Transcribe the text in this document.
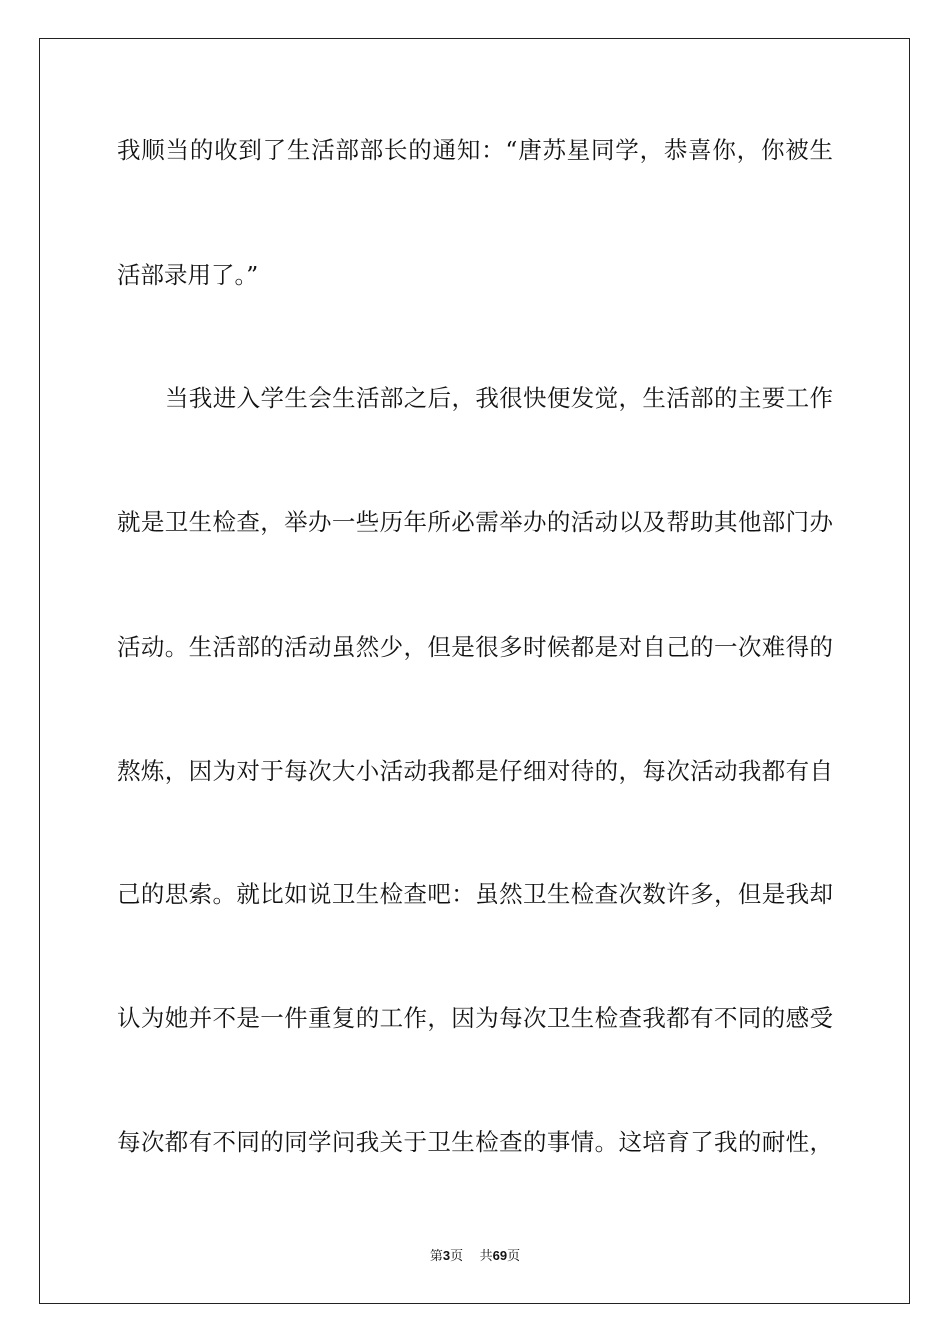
我顺当的收到了生活部部长的通知：“唐苏星同学，恭喜你，你被生
活部录用了。”
当我进入学生会生活部之后，我很快便发觉，生活部的主要工作
就是卫生检查，举办一些历年所必需举办的活动以及帮助其他部门办
活动。生活部的活动虽然少，但是很多时候都是对自己的一次难得的
熬炼，因为对于每次大小活动我都是仔细对待的，每次活动我都有自
己的思索。就比如说卫生检查吧：虽然卫生检查次数许多，但是我却
认为她并不是一件重复的工作，因为每次卫生检查我都有不同的感受
每次都有不同的同学问我关于卫生检查的事情。这培育了我的耐性，
第3页 共69页
